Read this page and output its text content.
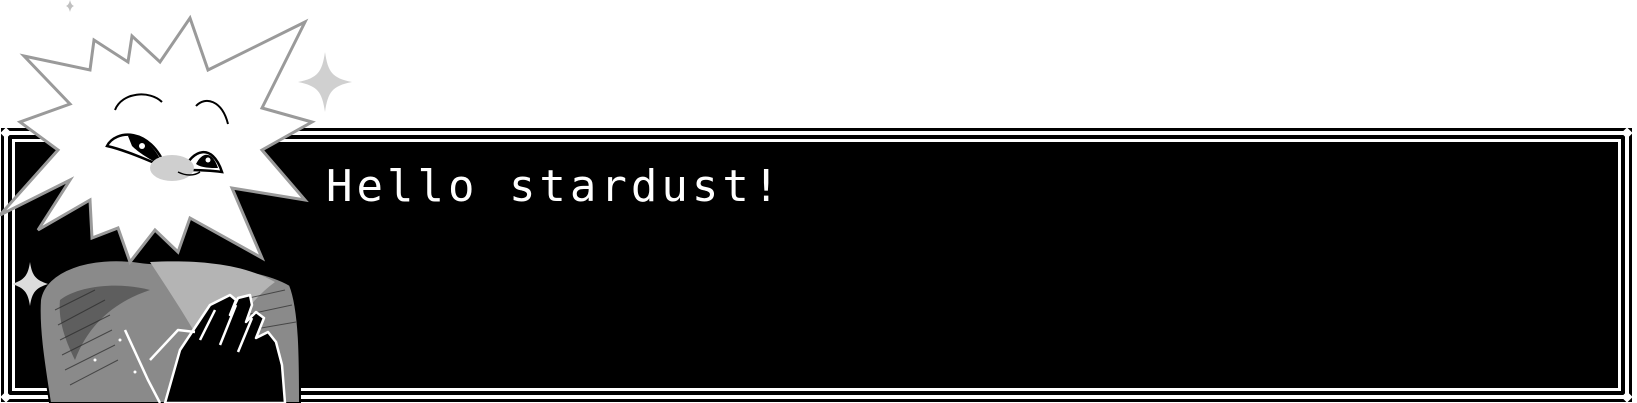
Hello stardust!
